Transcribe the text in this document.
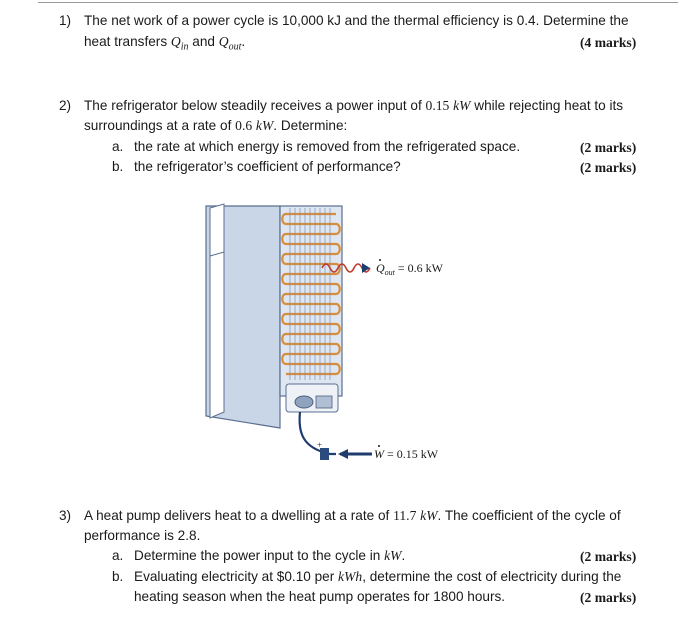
1) The net work of a power cycle is 10,000 kJ and the thermal efficiency is 0.4. Determine the
heat transfers $Q_{in}$ and $Q_{out}$.	(4 marks)
2) The refrigerator below steadily receives a power input of 0.15 kW while rejecting heat to its
surroundings at a rate of 0.6 kW. Determine:
a. the rate at which energy is removed from the refrigerated space.	(2 marks)
b. the refrigerator’s coefficient of performance?	(2 marks)
+
$Q_{out} = 0.6$ kW
W = 0.15 kW
3) A heat pump delivers heat to a dwelling at a rate of 11.7 kW. The coefficient of the cycle of
performance is 2.8.
a. Determine the power input to the cycle in kW.	(2 marks)
b. Evaluating electricity at $0.10 per kWh, determine the cost of electricity during the
heating season when the heat pump operates for 1800 hours.	(2 marks)
